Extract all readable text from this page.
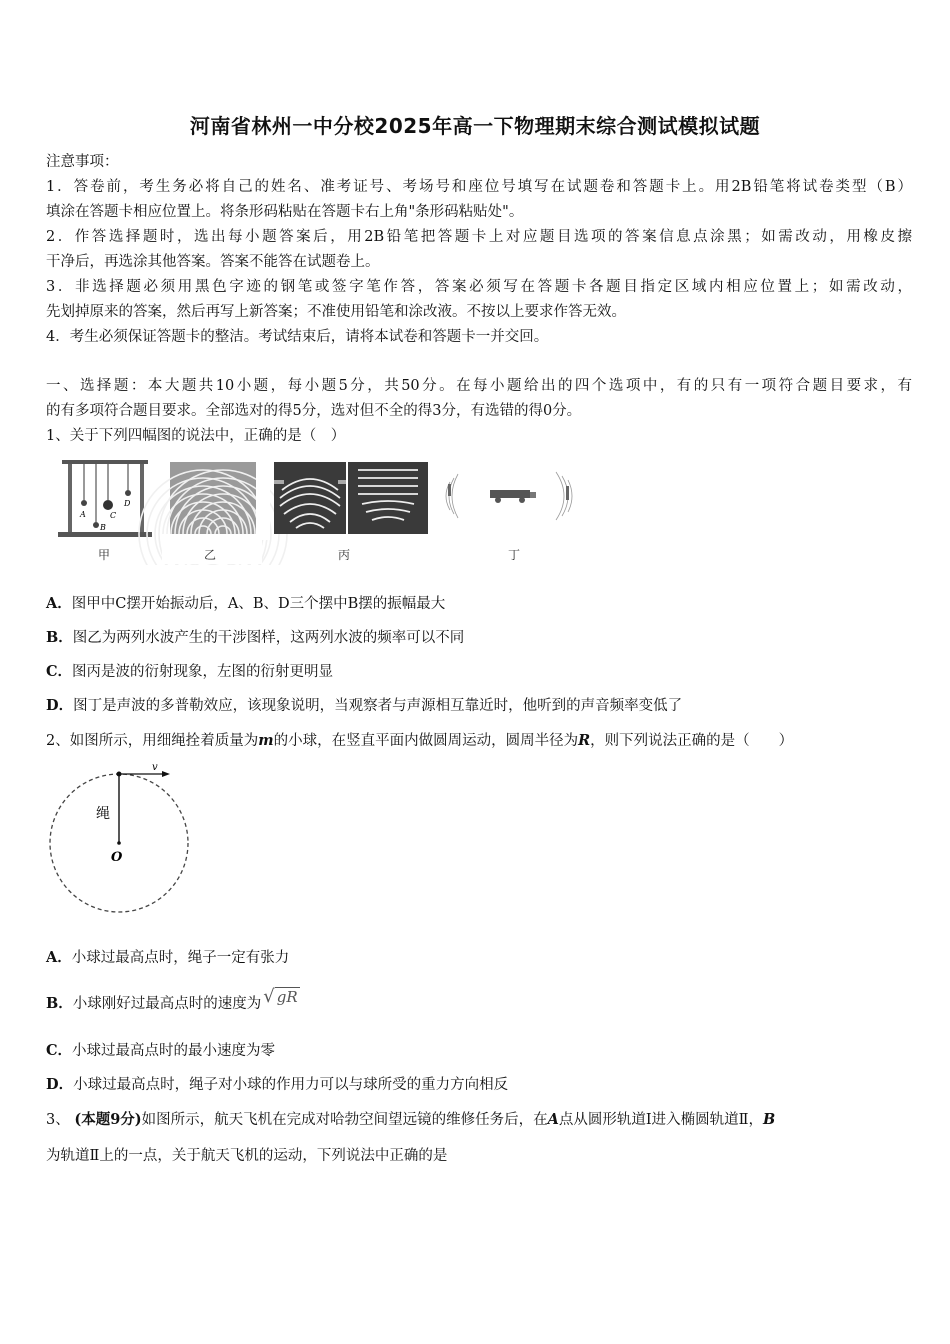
河南省林州一中分校2025年高一下物理期末综合测试模拟试题
注意事项：
1．答卷前，考生务必将自己的姓名、准考证号、考场号和座位号填写在试题卷和答题卡上。用2B铅笔将试卷类型（B）
填涂在答题卡相应位置上。将条形码粘贴在答题卡右上角"条形码粘贴处"。
2．作答选择题时，选出每小题答案后，用2B铅笔把答题卡上对应题目选项的答案信息点涂黑；如需改动，用橡皮擦
干净后，再选涂其他答案。答案不能答在试题卷上。
3．非选择题必须用黑色字迹的钢笔或签字笔作答，答案必须写在答题卡各题目指定区域内相应位置上；如需改动，
先划掉原来的答案，然后再写上新答案；不准使用铅笔和涂改液。不按以上要求作答无效。
4．考生必须保证答题卡的整洁。考试结束后，请将本试卷和答题卡一并交回。
一、选择题：本大题共10小题，每小题5分，共50分。在每小题给出的四个选项中，有的只有一项符合题目要求，有
的有多项符合题目要求。全部选对的得5分，选对但不全的得3分，有选错的得0分。
1、关于下列四幅图的说法中，正确的是（　）
A
B
C
D
甲	乙	丙	丁
A．图甲中C摆开始振动后，A、B、D三个摆中B摆的振幅最大
B．图乙为两列水波产生的干涉图样，这两列水波的频率可以不同
C．图丙是波的衍射现象，左图的衍射更明显
D．图丁是声波的多普勒效应，该现象说明，当观察者与声源相互靠近时，他听到的声音频率变低了
2、如图所示，用细绳拴着质量为m的小球，在竖直平面内做圆周运动，圆周半径为R，则下列说法正确的是（　　）
v
绳
O
A．小球过最高点时，绳子一定有张力
B．小球刚好过最高点时的速度为 √ gR
C．小球过最高点时的最小速度为零
D．小球过最高点时，绳子对小球的作用力可以与球所受的重力方向相反
3、 (本题9分)如图所示，航天飞机在完成对哈勃空间望远镜的维修任务后，在A点从圆形轨道Ⅰ进入椭圆轨道Ⅱ，B
为轨道Ⅱ上的一点，关于航天飞机的运动，下列说法中正确的是
